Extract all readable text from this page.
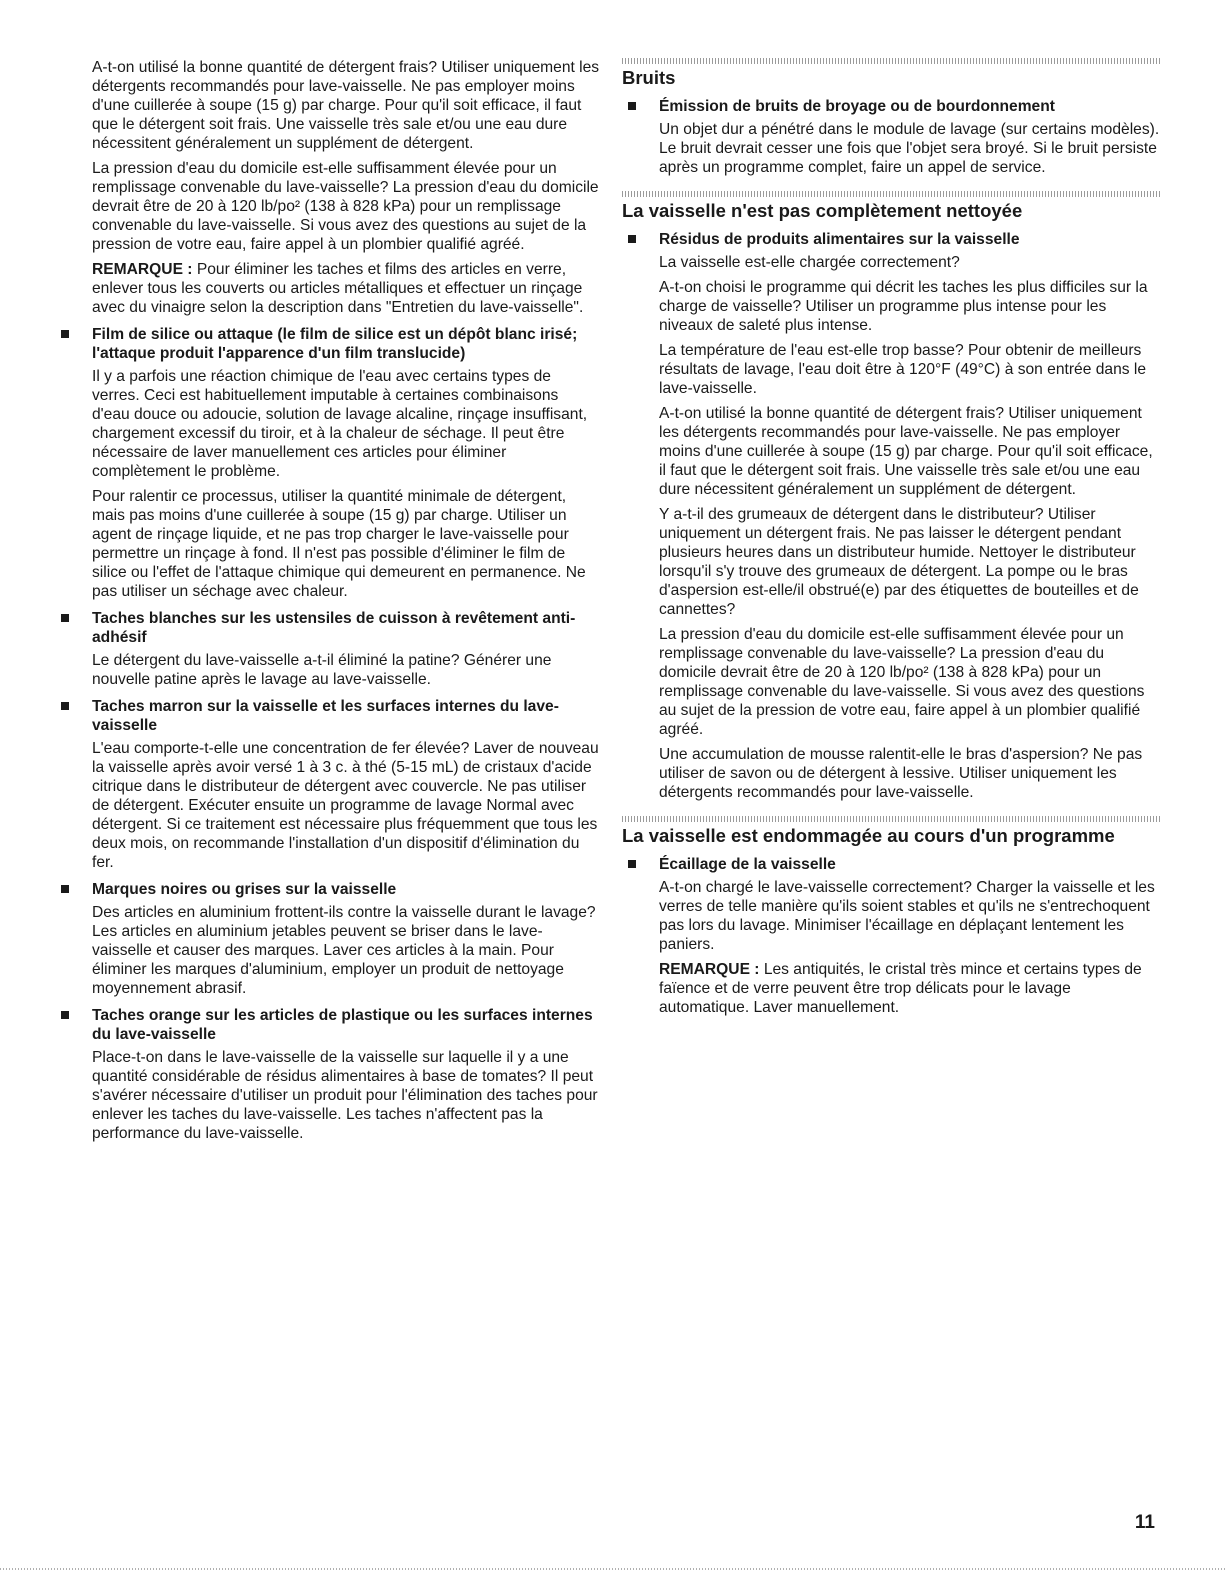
A-t-on utilisé la bonne quantité de détergent frais? Utiliser uniquement les détergents recommandés pour lave-vaisselle. Ne pas employer moins d'une cuillerée à soupe (15 g) par charge. Pour qu'il soit efficace, il faut que le détergent soit frais. Une vaisselle très sale et/ou une eau dure nécessitent généralement un supplément de détergent.

La pression d'eau du domicile est-elle suffisamment élevée pour un remplissage convenable du lave-vaisselle? La pression d'eau du domicile devrait être de 20 à 120 lb/po² (138 à 828 kPa) pour un remplissage convenable du lave-vaisselle. Si vous avez des questions au sujet de la pression de votre eau, faire appel à un plombier qualifié agréé.

REMARQUE : Pour éliminer les taches et films des articles en verre, enlever tous les couverts ou articles métalliques et effectuer un rinçage avec du vinaigre selon la description dans "Entretien du lave-vaisselle".

Film de silice ou attaque (le film de silice est un dépôt blanc irisé; l'attaque produit l'apparence d'un film translucide)

Il y a parfois une réaction chimique de l'eau avec certains types de verres. Ceci est habituellement imputable à certaines combinaisons d'eau douce ou adoucie, solution de lavage alcaline, rinçage insuffisant, chargement excessif du tiroir, et à la chaleur de séchage. Il peut être nécessaire de laver manuellement ces articles pour éliminer complètement le problème.

Pour ralentir ce processus, utiliser la quantité minimale de détergent, mais pas moins d'une cuillerée à soupe (15 g) par charge. Utiliser un agent de rinçage liquide, et ne pas trop charger le lave-vaisselle pour permettre un rinçage à fond. Il n'est pas possible d'éliminer le film de silice ou l'effet de l'attaque chimique qui demeurent en permanence. Ne pas utiliser un séchage avec chaleur.

Taches blanches sur les ustensiles de cuisson à revêtement anti-adhésif

Le détergent du lave-vaisselle a-t-il éliminé la patine? Générer une nouvelle patine après le lavage au lave-vaisselle.

Taches marron sur la vaisselle et les surfaces internes du lave-vaisselle

L'eau comporte-t-elle une concentration de fer élevée? Laver de nouveau la vaisselle après avoir versé 1 à 3 c. à thé (5-15 mL) de cristaux d'acide citrique dans le distributeur de détergent avec couvercle. Ne pas utiliser de détergent. Exécuter ensuite un programme de lavage Normal avec détergent. Si ce traitement est nécessaire plus fréquemment que tous les deux mois, on recommande l'installation d'un dispositif d'élimination du fer.

Marques noires ou grises sur la vaisselle

Des articles en aluminium frottent-ils contre la vaisselle durant le lavage? Les articles en aluminium jetables peuvent se briser dans le lave-vaisselle et causer des marques. Laver ces articles à la main. Pour éliminer les marques d'aluminium, employer un produit de nettoyage moyennement abrasif.

Taches orange sur les articles de plastique ou les surfaces internes du lave-vaisselle

Place-t-on dans le lave-vaisselle de la vaisselle sur laquelle il y a une quantité considérable de résidus alimentaires à base de tomates? Il peut s'avérer nécessaire d'utiliser un produit pour l'élimination des taches pour enlever les taches du lave-vaisselle. Les taches n'affectent pas la performance du lave-vaisselle.

Bruits
Émission de bruits de broyage ou de bourdonnement

Un objet dur a pénétré dans le module de lavage (sur certains modèles). Le bruit devrait cesser une fois que l'objet sera broyé. Si le bruit persiste après un programme complet, faire un appel de service.

La vaisselle n'est pas complètement nettoyée
Résidus de produits alimentaires sur la vaisselle

La vaisselle est-elle chargée correctement?

A-t-on choisi le programme qui décrit les taches les plus difficiles sur la charge de vaisselle? Utiliser un programme plus intense pour les niveaux de saleté plus intense.

La température de l'eau est-elle trop basse? Pour obtenir de meilleurs résultats de lavage, l'eau doit être à 120°F (49°C) à son entrée dans le lave-vaisselle.

A-t-on utilisé la bonne quantité de détergent frais? Utiliser uniquement les détergents recommandés pour lave-vaisselle. Ne pas employer moins d'une cuillerée à soupe (15 g) par charge. Pour qu'il soit efficace, il faut que le détergent soit frais. Une vaisselle très sale et/ou une eau dure nécessitent généralement un supplément de détergent.

Y a-t-il des grumeaux de détergent dans le distributeur? Utiliser uniquement un détergent frais. Ne pas laisser le détergent pendant plusieurs heures dans un distributeur humide. Nettoyer le distributeur lorsqu'il s'y trouve des grumeaux de détergent. La pompe ou le bras d'aspersion est-elle/il obstrué(e) par des étiquettes de bouteilles et de cannettes?

La pression d'eau du domicile est-elle suffisamment élevée pour un remplissage convenable du lave-vaisselle? La pression d'eau du domicile devrait être de 20 à 120 lb/po² (138 à 828 kPa) pour un remplissage convenable du lave-vaisselle. Si vous avez des questions au sujet de la pression de votre eau, faire appel à un plombier qualifié agréé.

Une accumulation de mousse ralentit-elle le bras d'aspersion? Ne pas utiliser de savon ou de détergent à lessive. Utiliser uniquement les détergents recommandés pour lave-vaisselle.

La vaisselle est endommagée au cours d'un programme
Écaillage de la vaisselle

A-t-on chargé le lave-vaisselle correctement? Charger la vaisselle et les verres de telle manière qu'ils soient stables et qu'ils ne s'entrechoquent pas lors du lavage. Minimiser l'écaillage en déplaçant lentement les paniers.

REMARQUE : Les antiquités, le cristal très mince et certains types de faïence et de verre peuvent être trop délicats pour le lavage automatique. Laver manuellement.

11
